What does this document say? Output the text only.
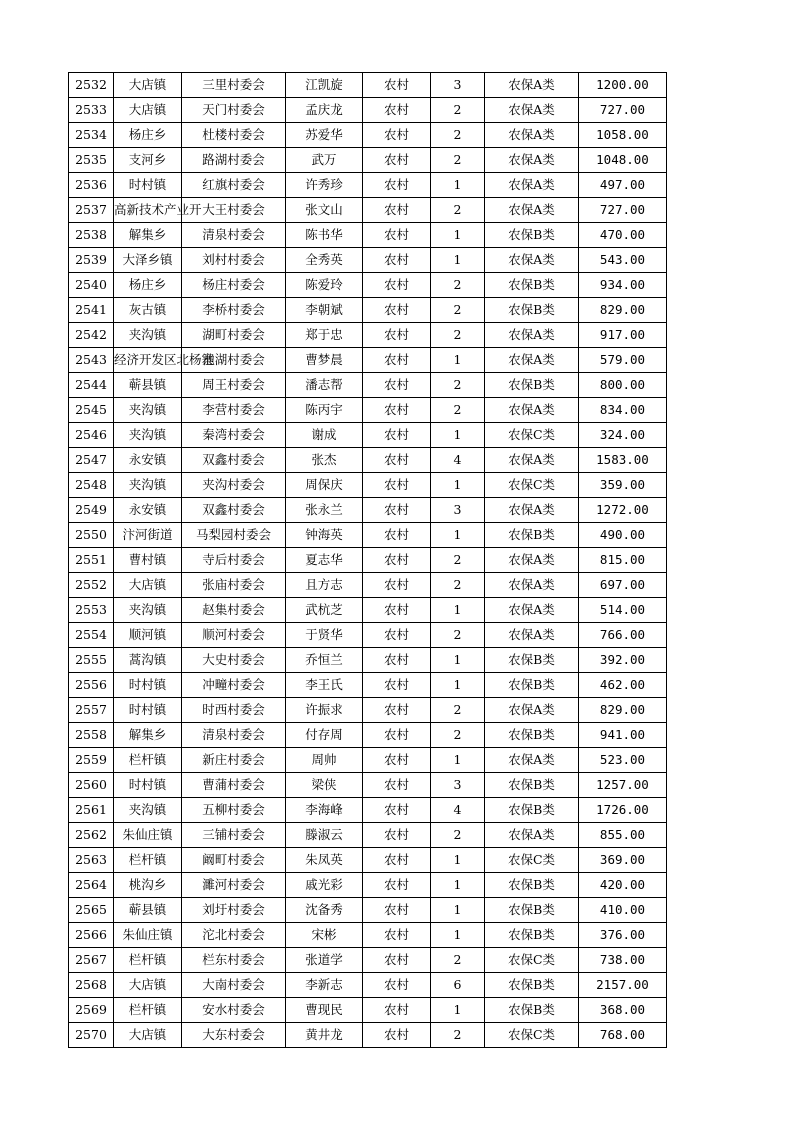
2532	大店镇	三里村委会	江凯旋	农村	3	农保A类	1200.00
2533	大店镇	天门村委会	孟庆龙	农村	2	农保A类	727.00
2534	杨庄乡	杜楼村委会	苏爱华	农村	2	农保A类	1058.00
2535	支河乡	路湖村委会	武万	农村	2	农保A类	1048.00
2536	时村镇	红旗村委会	许秀珍	农村	1	农保A类	497.00
2537	高新技术产业开	大王村委会	张文山	农村	2	农保A类	727.00
2538	解集乡	清泉村委会	陈书华	农村	1	农保B类	470.00
2539	大泽乡镇	刘村村委会	全秀英	农村	1	农保A类	543.00
2540	杨庄乡	杨庄村委会	陈爱玲	农村	2	农保B类	934.00
2541	灰古镇	李桥村委会	李朝斌	农村	2	农保B类	829.00
2542	夹沟镇	湖町村委会	郑于忠	农村	2	农保A类	917.00
2543	经济开发区北杨寨	池湖村委会	曹梦晨	农村	1	农保A类	579.00
2544	蕲县镇	周王村委会	潘志帮	农村	2	农保B类	800.00
2545	夹沟镇	李营村委会	陈丙宇	农村	2	农保A类	834.00
2546	夹沟镇	秦湾村委会	谢成	农村	1	农保C类	324.00
2547	永安镇	双鑫村委会	张杰	农村	4	农保A类	1583.00
2548	夹沟镇	夹沟村委会	周保庆	农村	1	农保C类	359.00
2549	永安镇	双鑫村委会	张永兰	农村	3	农保A类	1272.00
2550	汴河街道	马梨园村委会	钟海英	农村	1	农保B类	490.00
2551	曹村镇	寺后村委会	夏志华	农村	2	农保A类	815.00
2552	大店镇	张庙村委会	且方志	农村	2	农保A类	697.00
2553	夹沟镇	赵集村委会	武杭芝	农村	1	农保A类	514.00
2554	顺河镇	顺河村委会	于贤华	农村	2	农保A类	766.00
2555	蒿沟镇	大史村委会	乔恒兰	农村	1	农保B类	392.00
2556	时村镇	冲疃村委会	李王氏	农村	1	农保B类	462.00
2557	时村镇	时西村委会	许振求	农村	2	农保A类	829.00
2558	解集乡	清泉村委会	付存周	农村	2	农保B类	941.00
2559	栏杆镇	新庄村委会	周帅	农村	1	农保A类	523.00
2560	时村镇	曹蒲村委会	梁侠	农村	3	农保B类	1257.00
2561	夹沟镇	五柳村委会	李海峰	农村	4	农保B类	1726.00
2562	朱仙庄镇	三铺村委会	滕淑云	农村	2	农保A类	855.00
2563	栏杆镇	阚町村委会	朱凤英	农村	1	农保C类	369.00
2564	桃沟乡	濉河村委会	戚光彩	农村	1	农保B类	420.00
2565	蕲县镇	刘圩村委会	沈备秀	农村	1	农保B类	410.00
2566	朱仙庄镇	沱北村委会	宋彬	农村	1	农保B类	376.00
2567	栏杆镇	栏东村委会	张道学	农村	2	农保C类	738.00
2568	大店镇	大南村委会	李新志	农村	6	农保B类	2157.00
2569	栏杆镇	安水村委会	曹现民	农村	1	农保B类	368.00
2570	大店镇	大东村委会	黄井龙	农村	2	农保C类	768.00
